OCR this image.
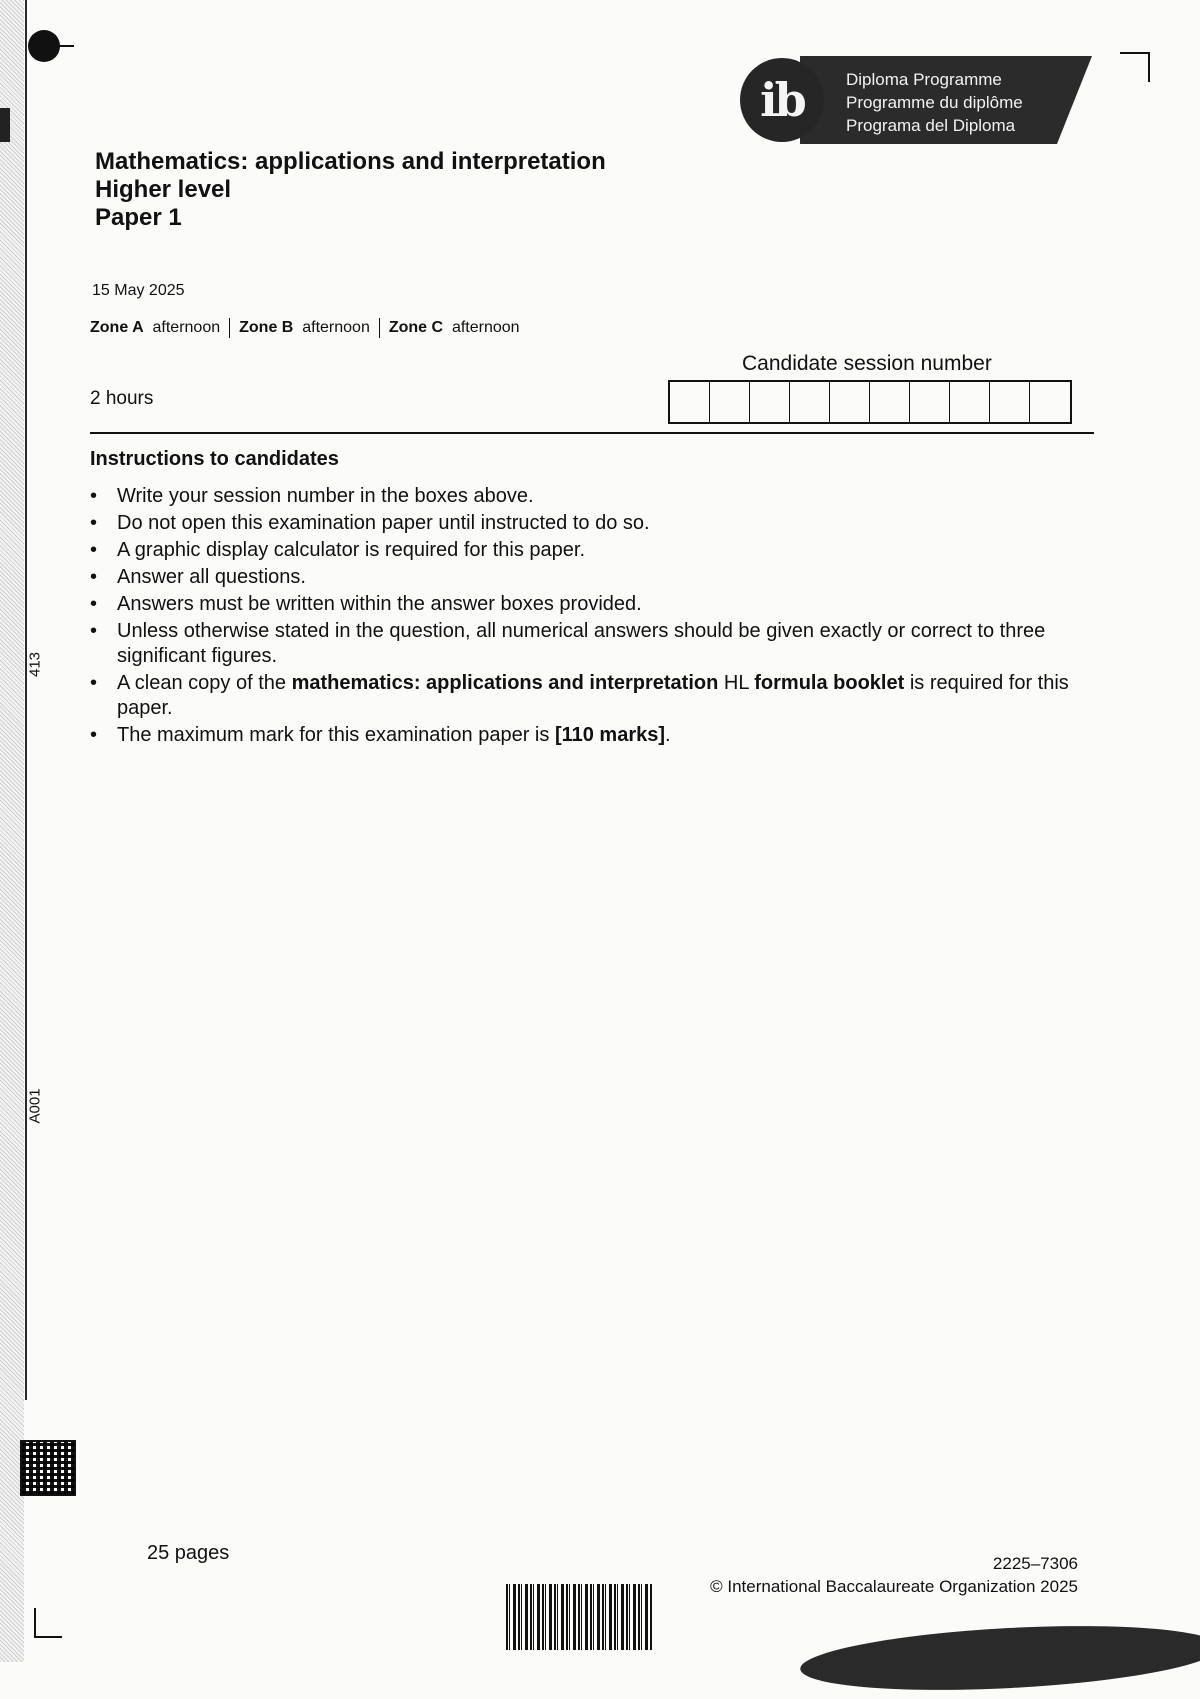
413
A001
ib	Diploma Programme
Programme du diplôme
Programa del Diploma
Mathematics: applications and interpretation
Higher level
Paper 1
15 May 2025
Zone A afternoon Zone B afternoon Zone C afternoon
2 hours
Candidate session number
Instructions to candidates
• Write your session number in the boxes above.
• Do not open this examination paper until instructed to do so.
• A graphic display calculator is required for this paper.
• Answer all questions.
• Answers must be written within the answer boxes provided.
• Unless otherwise stated in the question, all numerical answers should be given exactly or correct to three significant figures.
• A clean copy of the mathematics: applications and interpretation HL formula booklet is required for this paper.
• The maximum mark for this examination paper is [110 marks].
25 pages	2225–7306
© International Baccalaureate Organization 2025
